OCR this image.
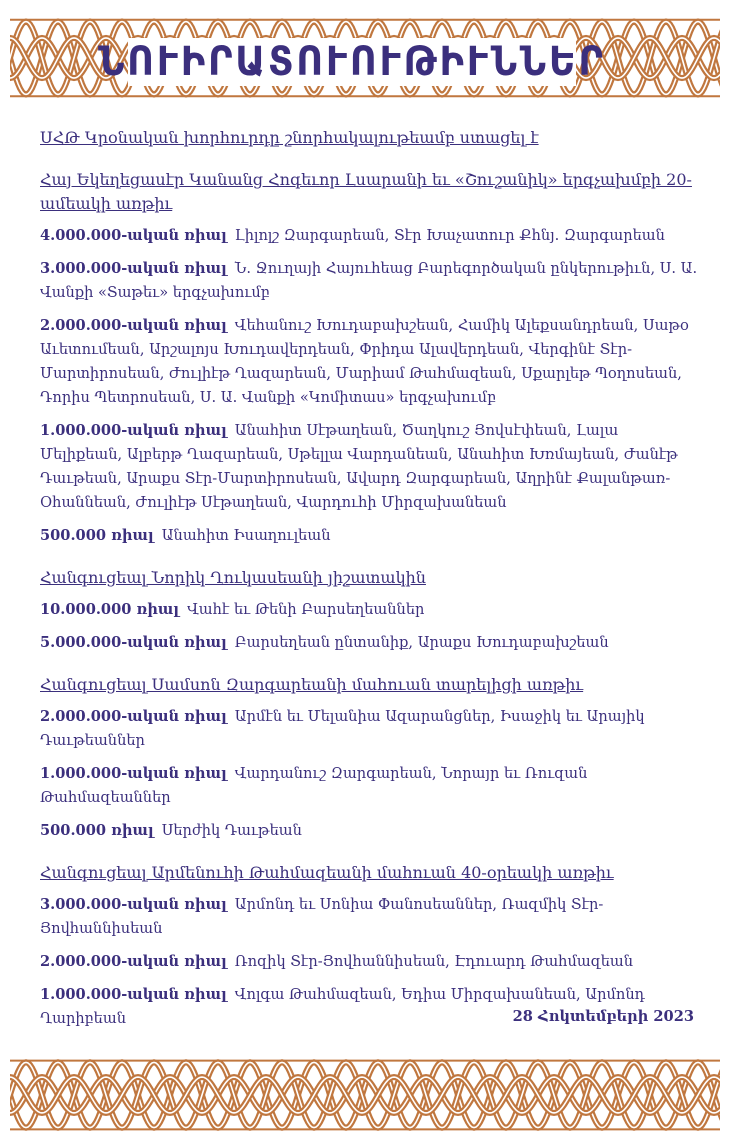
ՆՈՒԻՐԱՏՈՒՈՒԹԻՒՆՆԵՐ
ՍՀԹ Կրօնական խորհուրդը շնորհակալութեամբ ստացել է
Հայ Եկեղեցասէր Կանանց Հոգեւոր Լսարանի եւ «Շուշանիկ» երգչախմբի 20-ամեակի առթիւ
4.000.000-ական ռիալ Լիլոլշ Զարգարեան, Տէր Խաչատուր Քհնյ. Զարգարեան
3.000.000-ական ռիալ Ն. Ջուղայի Հայուհեաց Բարեգործական ընկերութիւն, Ս. Ա. Վանքի «Տաթեւ» երգչախումբ
2.000.000-ական ռիալ Վեհանուշ Խուդաբախշեան, Համիկ Ալեքսանդրեան, Սաթօ Աւետումեան, Արշալոյս Խուդավերդեան, Փրիդա Ալավերդեան, Վերգինէ Տէր-Մարտիրոսեան, Ժուլիէթ Ղազարեան, Մարիամ Թահմազեան, Սքարլեթ Պօղոսեան, Դորիս Պետրոսեան, Ս. Ա. Վանքի «Կոմիտաս» երգչախումբ
1.000.000-ական ռիալ Անահիտ Սէթաղեան, Ծաղկուշ Յովսէփեան, Լալա Մելիքեան, Ալբերթ Ղազարեան, Սթելլա Վարդանեան, Անահիտ Խռմայեան, Ժանէթ Դաւթեան, Արաքս Տէր-Մարտիրոսեան, Ավարդ Զարգարեան, Աղրինէ Քալանթառ-Օհաննեան, Ժուլիէթ Սէթաղեան, Վարդուհի Միրզախանեան
500.000 ռիալ Անահիտ Իսաղուլեան
Հանգուցեալ Նորիկ Ղուկասեանի յիշատակին
10.000.000 ռիալ Վահէ եւ Թենի Բարսեղեաններ
5.000.000-ական ռիալ Բարսեղեան ընտանիք, Արաքս Խուդաբախշեան
Հանգուցեալ Սամսոն Զարգարեանի մահուան տարելիցի առթիւ
2.000.000-ական ռիալ Արմէն եւ Մելանիա Ազարանցներ, Իսաջիկ եւ Արայիկ Դաւթեաններ
1.000.000-ական ռիալ Վարդանուշ Զարգարեան, Նորայր եւ Ռուզան Թահմազեաններ
500.000 ռիալ Սերժիկ Դաւթեան
Հանգուցեալ Արմենուհի Թահմազեանի մահուան 40-օրեակի առթիւ
3.000.000-ական ռիալ Արմոնդ եւ Սոնիա Փանոսեաններ, Ռազմիկ Տէր-Յովհաննիսեան
2.000.000-ական ռիալ Ռոզիկ Տէր-Յովհաննիսեան, Էդուարդ Թահմազեան
1.000.000-ական ռիալ Վոլգա Թահմազեան, Եդիա Միրզախանեան, Արմոնդ Ղարիբեան	28 Հոկտեմբերի 2023
